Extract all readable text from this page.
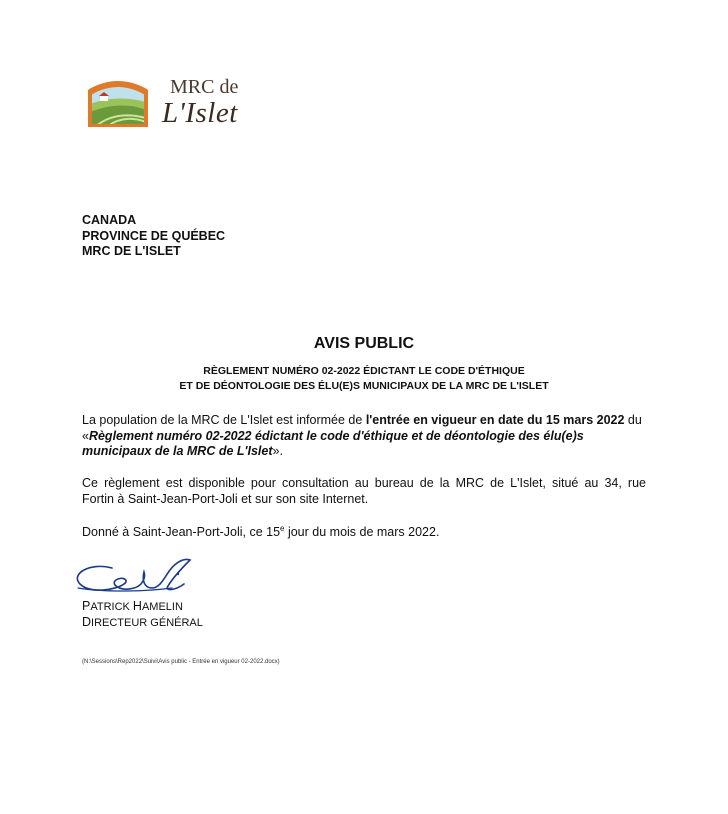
MRC de
L'Islet
CANADA
PROVINCE DE QUÉBEC
MRC DE L'ISLET
AVIS PUBLIC
RÈGLEMENT NUMÉRO 02-2022 ÉDICTANT LE CODE D'ÉTHIQUE
ET DE DÉONTOLOGIE DES ÉLU(E)S MUNICIPAUX DE LA MRC DE L'ISLET
La population de la MRC de L'Islet est informée de l'entrée en vigueur en date du 15 mars 2022 du «Règlement numéro 02-2022 édictant le code d'éthique et de déontologie des élu(e)s municipaux de la MRC de L'Islet».
Ce règlement est disponible pour consultation au bureau de la MRC de L'Islet, situé au 34, rue
Fortin à Saint-Jean-Port-Joli et sur son site Internet.
Donné à Saint-Jean-Port-Joli, ce 15e jour du mois de mars 2022.
PATRICK HAMELIN
DIRECTEUR GÉNÉRAL
(N:\Sessions\Rep2022\Suivi\Avis public - Entrée en vigueur 02-2022.docx)
